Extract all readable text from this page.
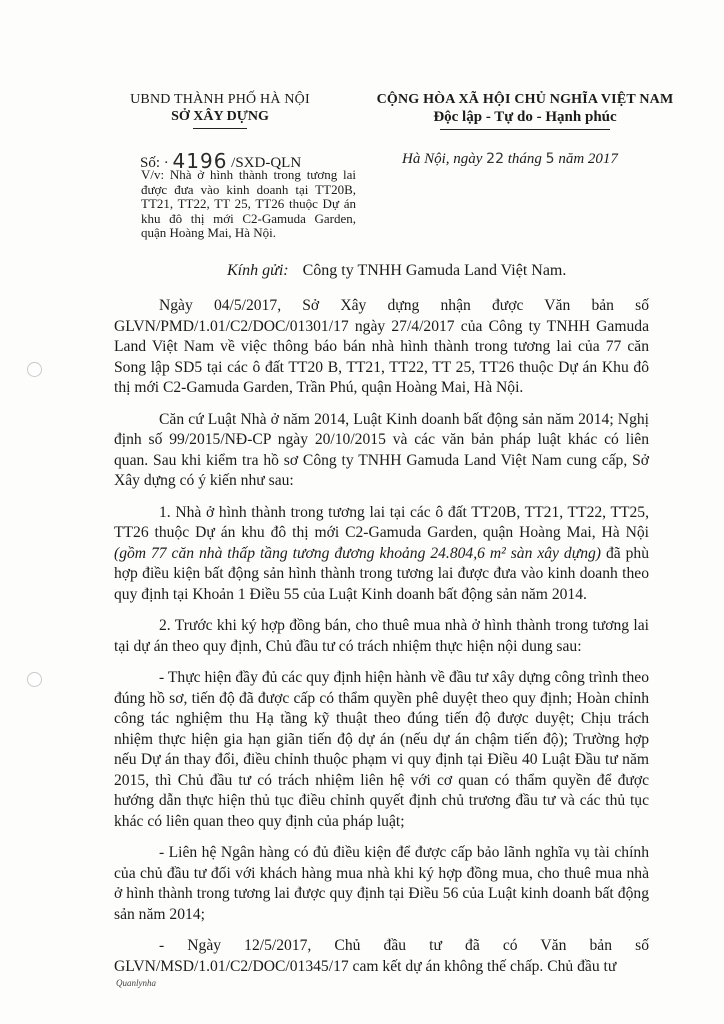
UBND THÀNH PHỐ HÀ NỘI
SỞ XÂY DỰNG
CỘNG HÒA XÃ HỘI CHỦ NGHĨA VIỆT NAM
Độc lập - Tự do - Hạnh phúc
Số: · 4196 /SXD-QLN	Hà Nội, ngày 22 tháng 5 năm 2017
V/v: Nhà ở hình thành trong tương lai được đưa vào kinh doanh tại TT20B, TT21, TT22, TT 25, TT26 thuộc Dự án khu đô thị mới C2-Gamuda Garden, quận Hoàng Mai, Hà Nội.
Kính gửi: Công ty TNHH Gamuda Land Việt Nam.

Ngày 04/5/2017, Sở Xây dựng nhận được Văn bản số GLVN/PMD/1.01/C2/DOC/01301/17 ngày 27/4/2017 của Công ty TNHH Gamuda Land Việt Nam về việc thông báo bán nhà hình thành trong tương lai của 77 căn Song lập SD5 tại các ô đất TT20 B, TT21, TT22, TT 25, TT26 thuộc Dự án Khu đô thị mới C2-Gamuda Garden, Trần Phú, quận Hoàng Mai, Hà Nội.

Căn cứ Luật Nhà ở năm 2014, Luật Kinh doanh bất động sản năm 2014; Nghị định số 99/2015/NĐ-CP ngày 20/10/2015 và các văn bản pháp luật khác có liên quan. Sau khi kiểm tra hồ sơ Công ty TNHH Gamuda Land Việt Nam cung cấp, Sở Xây dựng có ý kiến như sau:

1. Nhà ở hình thành trong tương lai tại các ô đất TT20B, TT21, TT22, TT25, TT26 thuộc Dự án khu đô thị mới C2-Gamuda Garden, quận Hoàng Mai, Hà Nội (gồm 77 căn nhà thấp tầng tương đương khoảng 24.804,6 m² sàn xây dựng) đã phù hợp điều kiện bất động sản hình thành trong tương lai được đưa vào kinh doanh theo quy định tại Khoản 1 Điều 55 của Luật Kinh doanh bất động sản năm 2014.

2. Trước khi ký hợp đồng bán, cho thuê mua nhà ở hình thành trong tương lai tại dự án theo quy định, Chủ đầu tư có trách nhiệm thực hiện nội dung sau:

- Thực hiện đầy đủ các quy định hiện hành về đầu tư xây dựng công trình theo đúng hồ sơ, tiến độ đã được cấp có thẩm quyền phê duyệt theo quy định; Hoàn chỉnh công tác nghiệm thu Hạ tầng kỹ thuật theo đúng tiến độ được duyệt; Chịu trách nhiệm thực hiện gia hạn giãn tiến độ dự án (nếu dự án chậm tiến độ); Trường hợp nếu Dự án thay đổi, điều chỉnh thuộc phạm vi quy định tại Điều 40 Luật Đầu tư năm 2015, thì Chủ đầu tư có trách nhiệm liên hệ với cơ quan có thẩm quyền để được hướng dẫn thực hiện thủ tục điều chỉnh quyết định chủ trương đầu tư và các thủ tục khác có liên quan theo quy định của pháp luật;

- Liên hệ Ngân hàng có đủ điều kiện để được cấp bảo lãnh nghĩa vụ tài chính của chủ đầu tư đối với khách hàng mua nhà khi ký hợp đồng mua, cho thuê mua nhà ở hình thành trong tương lai được quy định tại Điều 56 của Luật kinh doanh bất động sản năm 2014;

- Ngày 12/5/2017, Chủ đầu tư đã có Văn bản số GLVN/MSD/1.01/C2/DOC/01345/17 cam kết dự án không thế chấp. Chủ đầu tư

Quanlynha
